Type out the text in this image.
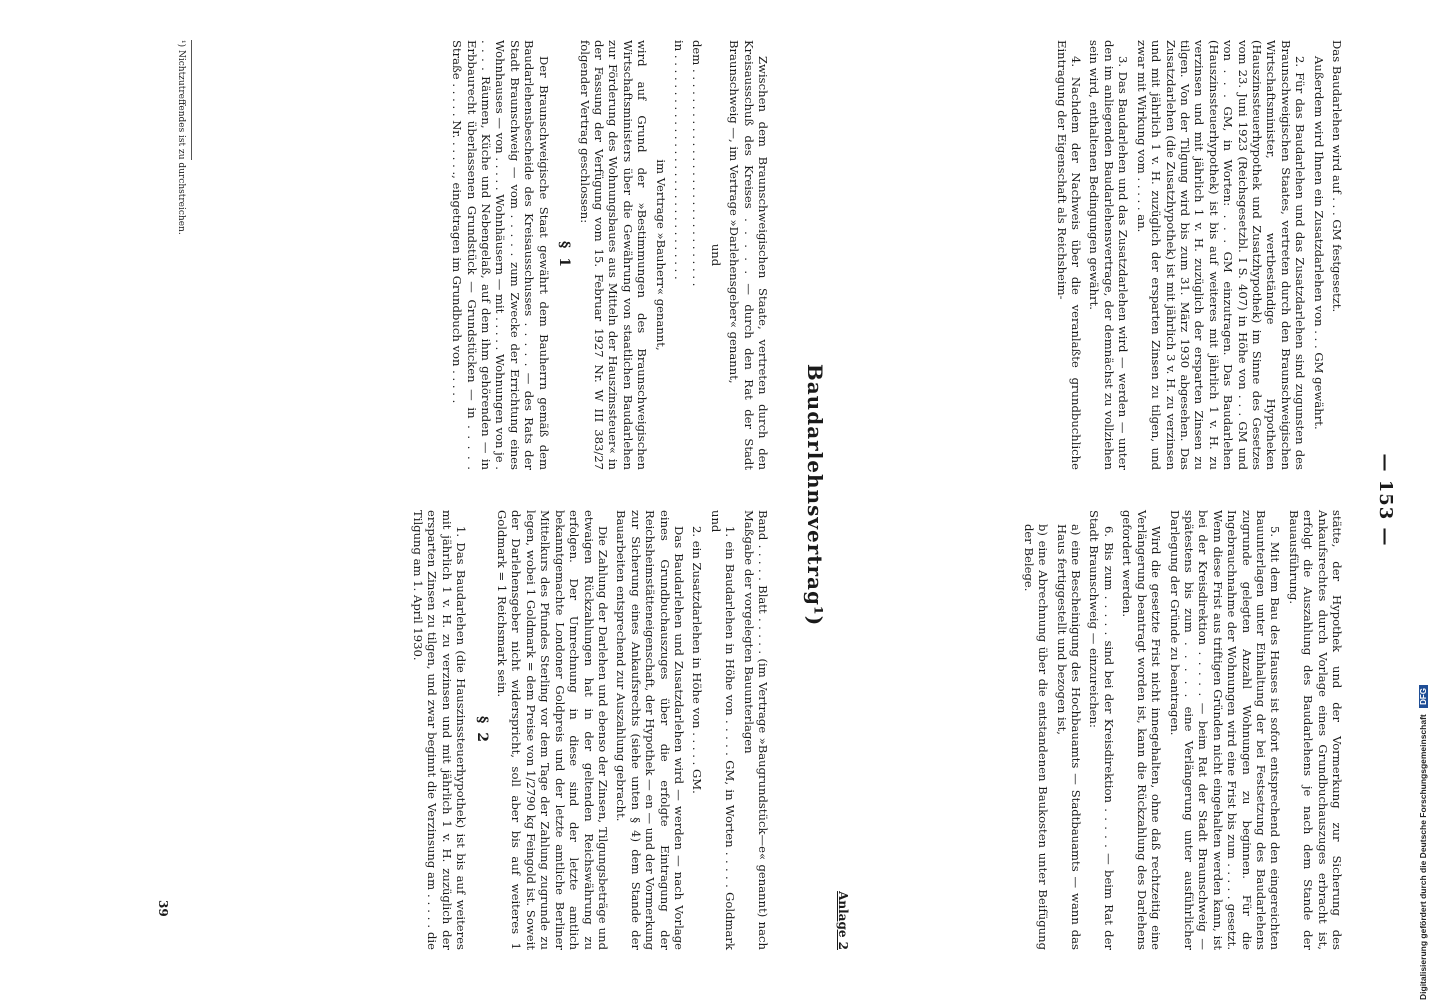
— 153 —

Das Baudarlehen wird auf . . . GM festgesetzt.

Außerdem wird Ihnen ein Zusatzdarlehen von . . . GM gewährt.

2. Für das Baudarlehen und das Zusatzdarlehen sind zugunsten des Braunschweigischen Staates, vertreten durch den Braunschweigischen Wirtschaftsminister, wertbeständige Hypotheken (Hauszinssteuerhypothek und Zusatzhypothek) im Sinne des Gesetzes vom 23. Juni 1923 (Reichsgesetzbl. I S. 407) in Höhe von . . . GM und von . . . GM, in Worten: . . . GM einzutragen. Das Baudarlehen (Hauszinssteuerhypothek) ist bis auf weiteres mit jährlich 1 v. H. zu verzinsen und mit jährlich 1 v. H. zuzüglich der ersparten Zinsen zu tilgen. Von der Tilgung wird bis zum 31. März 1930 abgesehen. Das Zusatzdarlehen (die Zusatzhypothek) ist mit jährlich 3 v. H. zu verzinsen und mit jährlich 1 v. H. zuzüglich der ersparten Zinsen zu tilgen, und zwar mit Wirkung vom . . . . . an.

3. Das Baudarlehen und das Zusatzdarlehen wird — werden — unter den im anliegenden Baudarlehensvertrage, der demnächst zu vollziehen sein wird, enthaltenen Bedingungen gewährt.

4. Nachdem der Nachweis über die veranlaßte grundbuchliche Eintragung der Eigenschaft als Reichsheim-

stätte, der Hypothek und der Vormerkung zur Sicherung des Ankaufsrechtes durch Vorlage eines Grundbuchauszuges erbracht ist, erfolgt die Auszahlung des Baudarlehens je nach dem Stande der Bauausführung.

5. Mit dem Bau des Hauses ist sofort entsprechend den eingereichten Bauunterlagen unter Einhaltung der bei Festsetzung des Baudarlehens zugrunde gelegten Anzahl Wohnungen zu beginnen. Für die Ingebrauchnahme der Wohnungen wird eine Frist bis zum . . . . . gesetzt. Wenn diese Frist aus triftigen Gründen nicht eingehalten werden kann, ist bei der Kreisdirektion . . . . . — beim Rat der Stadt Braunschweig — spätestens bis zum . . . . . eine Verlängerung unter ausführlicher Darlegung der Gründe zu beantragen.

Wird die gesetzte Frist nicht innegehalten, ohne daß rechtzeitig eine Verlängerung beantragt worden ist, kann die Rückzahlung des Darlehens gefordert werden.

6. Bis zum . . . . . sind bei der Kreisdirektion . . . . . — beim Rat der Stadt Braunschweig — einzureichen:

a) eine Bescheinigung des Hochbauamts — Stadtbauamts — wann das Haus fertiggestellt und bezogen ist,

b) eine Abrechnung über die entstandenen Baukosten unter Beifügung der Belege.

Anlage 2
Baudarlehnsvertrag¹)

Zwischen dem Braunschweigischen Staate, vertreten durch den Kreisausschuß des Kreises . . . . . — durch den Rat der Stadt Braunschweig —, im Vertrage »Darlehensgeber« genannt,

und

dem . . . . . . . . . . . . . . . . . . . . . . . . . . . . . .

in . . . . . . . . . . . . . . . . . . . . . . . . . . . . . . .

im Vertrage »Bauherr« genannt,

wird auf Grund der »Bestimmungen des Braunschweigischen Wirtschaftsministers über die Gewährung von staatlichen Baudarlehen zur Förderung des Wohnungsbaues aus Mitteln der Hauszinssteuer« in der Fassung der Verfügung vom 15. Februar 1927 Nr. W III 383/27 folgender Vertrag geschlossen:

§ 1

Der Braunschweigische Staat gewährt dem Bauherrn gemäß dem Baudarlehensbescheide des Kreisausschusses . . . . . — des Rats der Stadt Braunschweig — vom . . . . . zum Zwecke der Errichtung eines Wohnhauses — von . . . . . Wohnhäusern — mit . . . . . Wohnungen von je . . . . . Räumen, Küche und Nebengelaß, auf dem ihm gehörenden — in Erbbaurecht überlassenen Grundstück — Grundstücken — in . . . . . Straße . . . . . Nr. . . . . ., eingetragen im Grundbuch von . . . . .

Band . . . . . Blatt . . . . . (im Vertrage »Baugrundstück—e« genannt) nach Maßgabe der vorgelegten Bauunterlagen

1. ein Baudarlehen in Höhe von . . . . . GM, in Worten . . . . . Goldmark und

2. ein Zusatzdarlehen in Höhe von . . . . . GM.

Das Baudarlehen und Zusatzdarlehen wird — werden — nach Vorlage eines Grundbuchauszuges über die erfolgte Eintragung der Reichsheimstätteneigenschaft, der Hypothek — en — und der Vormerkung zur Sicherung eines Ankaufsrechts (siehe unten § 4) dem Stande der Bauarbeiten entsprechend zur Auszahlung gebracht.

Die Zahlung der Darlehen und ebenso der Zinsen, Tilgungsbeträge und etwaigen Rückzahlungen hat in der geltenden Reichswährung zu erfolgen. Der Umrechnung in diese sind der letzte amtlich bekanntgemachte Londoner Goldpreis und der letzte amtliche Berliner Mittelkurs des Pfundes Sterling vor dem Tage der Zahlung zugrunde zu legen, wobei 1 Goldmark = dem Preise von 1/2790 kg Feingold ist. Soweit der Darlehensgeber nicht widerspricht, soll aber bis auf weiteres 1 Goldmark = 1 Reichsmark sein.

§ 2

1. Das Baudarlehen (die Hauszinssteuerhypothek) ist bis auf weiteres mit jährlich 1 v. H. zu verzinsen und mit jährlich 1 v. H. zuzüglich der ersparten Zinsen zu tilgen, und zwar beginnt die Verzinsung am . . . . . die Tilgung am 1. April 1930.

¹) Nichtzutreffendes ist zu durchstreichen.
39	Digitalisierung gefördert durch die Deutsche Forschungsgemeinschaft DFG
